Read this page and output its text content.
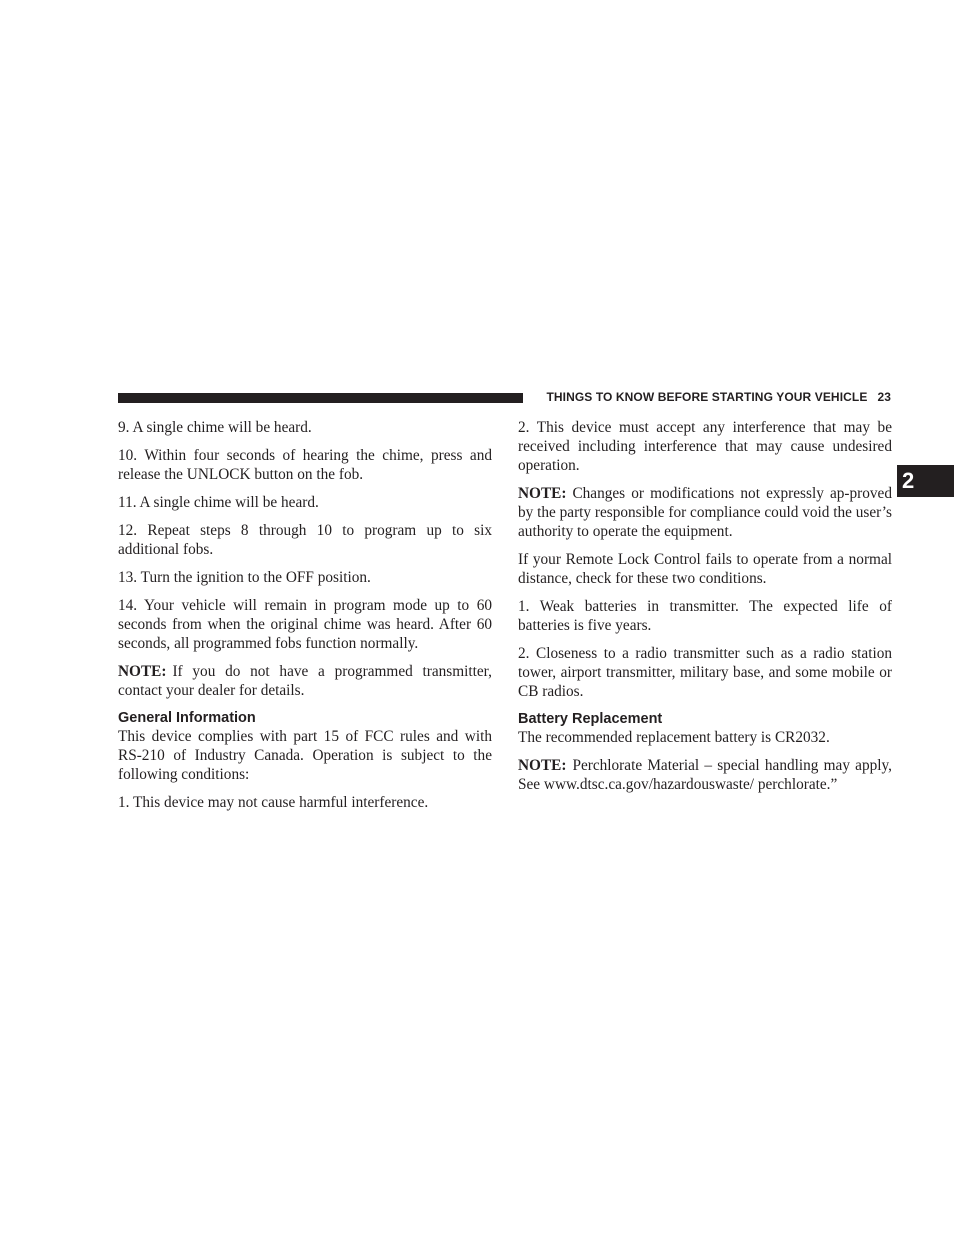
THINGS TO KNOW BEFORE STARTING YOUR VEHICLE 23
2

9. A single chime will be heard.

10. Within four seconds of hearing the chime, press and release the UNLOCK button on the fob.

11. A single chime will be heard.

12. Repeat steps 8 through 10 to program up to six additional fobs.

13. Turn the ignition to the OFF position.

14. Your vehicle will remain in program mode up to 60 seconds from when the original chime was heard. After 60 seconds, all programmed fobs function normally.

NOTE: If you do not have a programmed transmitter, contact your dealer for details.

General Information

This device complies with part 15 of FCC rules and with RS-210 of Industry Canada. Operation is subject to the following conditions:

1. This device may not cause harmful interference.

2. This device must accept any interference that may be received including interference that may cause undesired operation.

NOTE: Changes or modifications not expressly ap-proved by the party responsible for compliance could void the user’s authority to operate the equipment.

If your Remote Lock Control fails to operate from a normal distance, check for these two conditions.

1. Weak batteries in transmitter. The expected life of batteries is five years.

2. Closeness to a radio transmitter such as a radio station tower, airport transmitter, military base, and some mobile or CB radios.

Battery Replacement

The recommended replacement battery is CR2032.

NOTE: Perchlorate Material – special handling may apply, See www.dtsc.ca.gov/hazardouswaste/ perchlorate.”
